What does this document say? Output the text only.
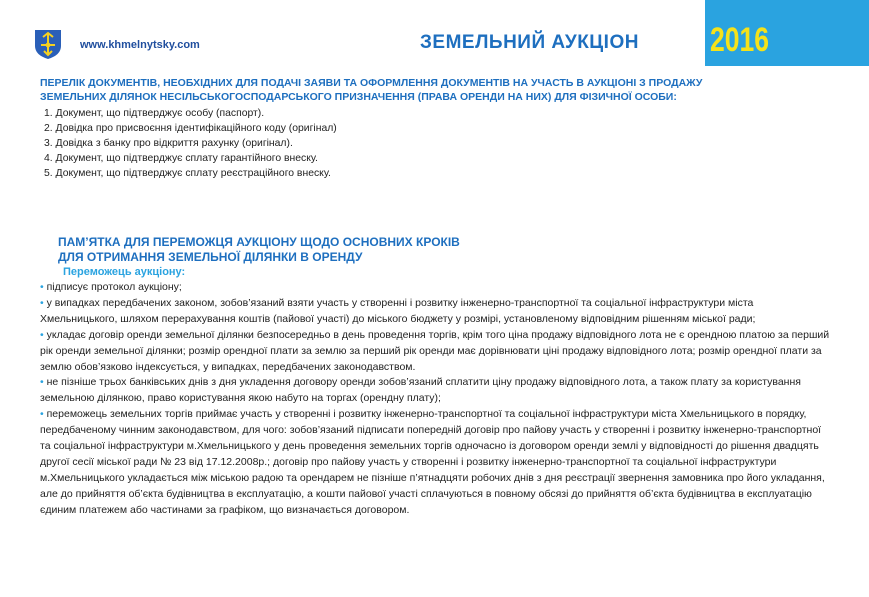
www.khmelnytsky.com	ЗЕМЕЛЬНИЙ АУКЦІОН 2016
ПЕРЕЛІК ДОКУМЕНТІВ, НЕОБХІДНИХ ДЛЯ ПОДАЧІ ЗАЯВИ ТА ОФОРМЛЕННЯ ДОКУМЕНТІВ НА УЧАСТЬ В АУКЦІОНІ З ПРОДАЖУ ЗЕМЕЛЬНИХ ДІЛЯНОК НЕСІЛЬСЬКОГОСПОДАРСЬКОГО ПРИЗНАЧЕННЯ (ПРАВА ОРЕНДИ НА НИХ) ДЛЯ ФІЗИЧНОЇ ОСОБИ:
1. Документ, що підтверджує особу (паспорт).
2. Довідка про присвоєння ідентифікаційного коду (оригінал)
3. Довідка з банку про відкриття рахунку (оригінал).
4. Документ, що підтверджує сплату гарантійного внеску.
5. Документ, що підтверджує сплату реєстраційного внеску.
ПАМ’ЯТКА ДЛЯ ПЕРЕМОЖЦЯ АУКЦІОНУ ЩОДО ОСНОВНИХ КРОКІВ
ДЛЯ ОТРИМАННЯ ЗЕМЕЛЬНОЇ ДІЛЯНКИ В ОРЕНДУ
Переможець аукціону:
• підписує протокол аукціону;
• у випадках передбачених законом, зобов’язаний взяти участь у створенні і розвитку інженерно-транспортної та соціальної інфраструктури міста Хмельницького, шляхом перерахування коштів (пайової участі) до міського бюджету у розмірі, установленому відповідним рішенням міської ради;
• укладає договір оренди земельної ділянки безпосередньо в день проведення торгів, крім того ціна продажу відповідного лота не є орендною платою за перший рік оренди земельної ділянки; розмір орендної плати за землю за перший рік оренди має дорівнювати ціні продажу відповідного лота; розмір орендної плати за землю обов’язково індексується, у випадках, передбачених законодавством.
• не пізніше трьох банківських днів з дня укладення договору оренди зобов’язаний сплатити ціну продажу відповідного лота, а також плату за користування земельною ділянкою, право користування якою набуто на торгах (орендну плату);
• переможець земельних торгів приймає участь у створенні і розвитку інженерно-транспортної та соціальної інфраструктури міста Хмельницького в порядку, передбаченому чинним законодавством, для чого: зобов’язаний підписати попередній договір про пайову участь у створенні і розвитку інженерно-транспортної та соціальної інфраструктури м.Хмельницького у день проведення земельних торгів одночасно із договором оренди землі у відповідності до рішення двадцять другої сесії міської ради № 23 від 17.12.2008р.; договір про пайову участь у створенні і розвитку інженерно-транспортної та соціальної інфраструктури м.Хмельницького укладається між міською радою та орендарем не пізніше п’ятнадцяти робочих днів з дня реєстрації звернення замовника про його укладання, але до прийняття об’єкта будівництва в експлуатацію, а кошти пайової участі сплачуються в повному обсязі до прийняття об’єкта будівництва в експлуатацію єдиним платежем або частинами за графіком, що визначається договором.
